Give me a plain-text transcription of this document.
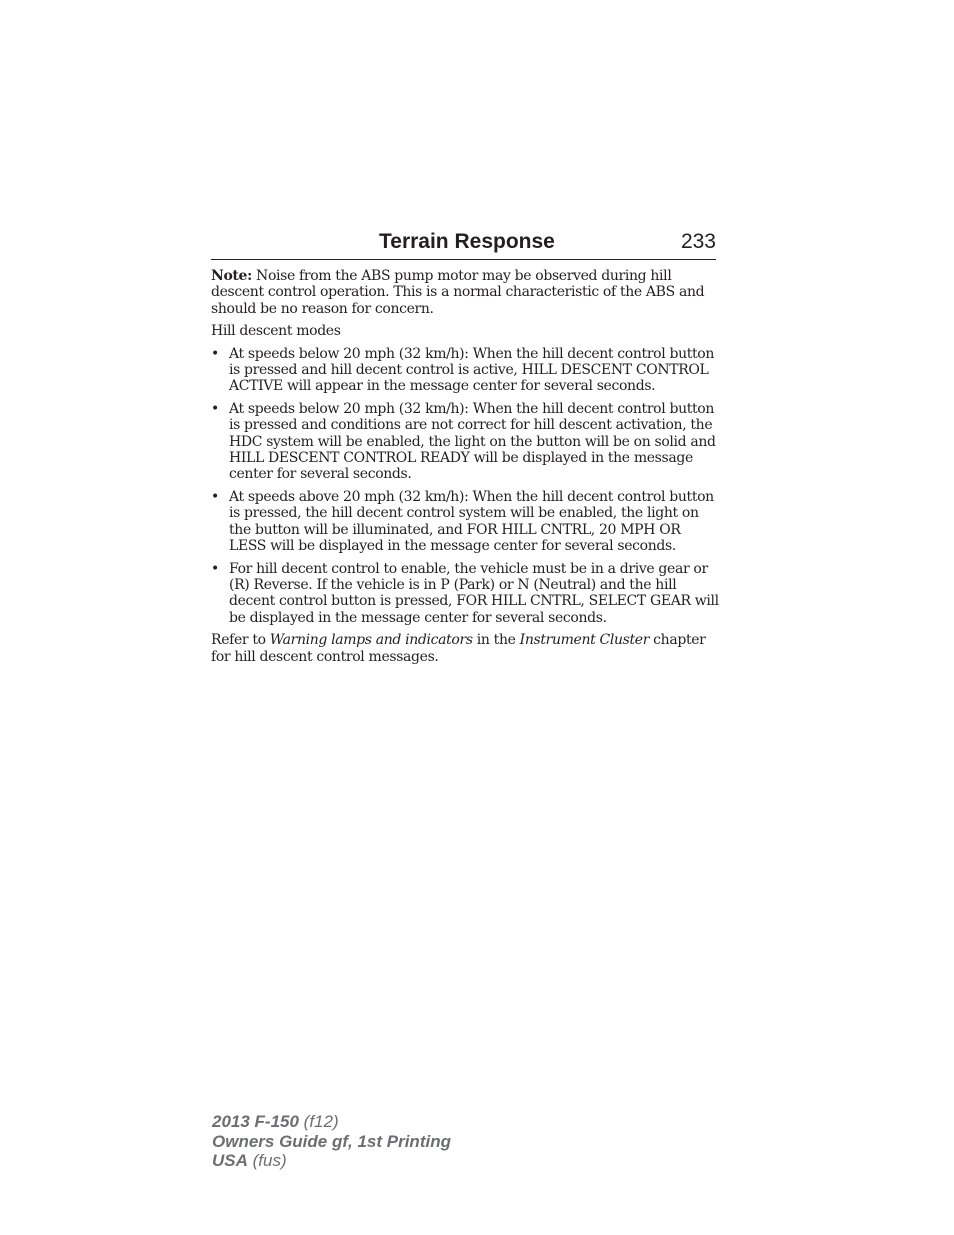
Terrain Response	233

Note: Noise from the ABS pump motor may be observed during hill descent control operation. This is a normal characteristic of the ABS and should be no reason for concern.

Hill descent modes

• At speeds below 20 mph (32 km/h): When the hill decent control button is pressed and hill decent control is active, HILL DESCENT CONTROL ACTIVE will appear in the message center for several seconds.
• At speeds below 20 mph (32 km/h): When the hill decent control button is pressed and conditions are not correct for hill descent activation, the HDC system will be enabled, the light on the button will be on solid and HILL DESCENT CONTROL READY will be displayed in the message center for several seconds.
• At speeds above 20 mph (32 km/h): When the hill decent control button is pressed, the hill decent control system will be enabled, the light on the button will be illuminated, and FOR HILL CNTRL, 20 MPH OR LESS will be displayed in the message center for several seconds.
• For hill decent control to enable, the vehicle must be in a drive gear or (R) Reverse. If the vehicle is in P (Park) or N (Neutral) and the hill decent control button is pressed, FOR HILL CNTRL, SELECT GEAR will be displayed in the message center for several seconds.

Refer to Warning lamps and indicators in the Instrument Cluster chapter for hill descent control messages.

2013 F-150 (f12)
Owners Guide gf, 1st Printing
USA (fus)
